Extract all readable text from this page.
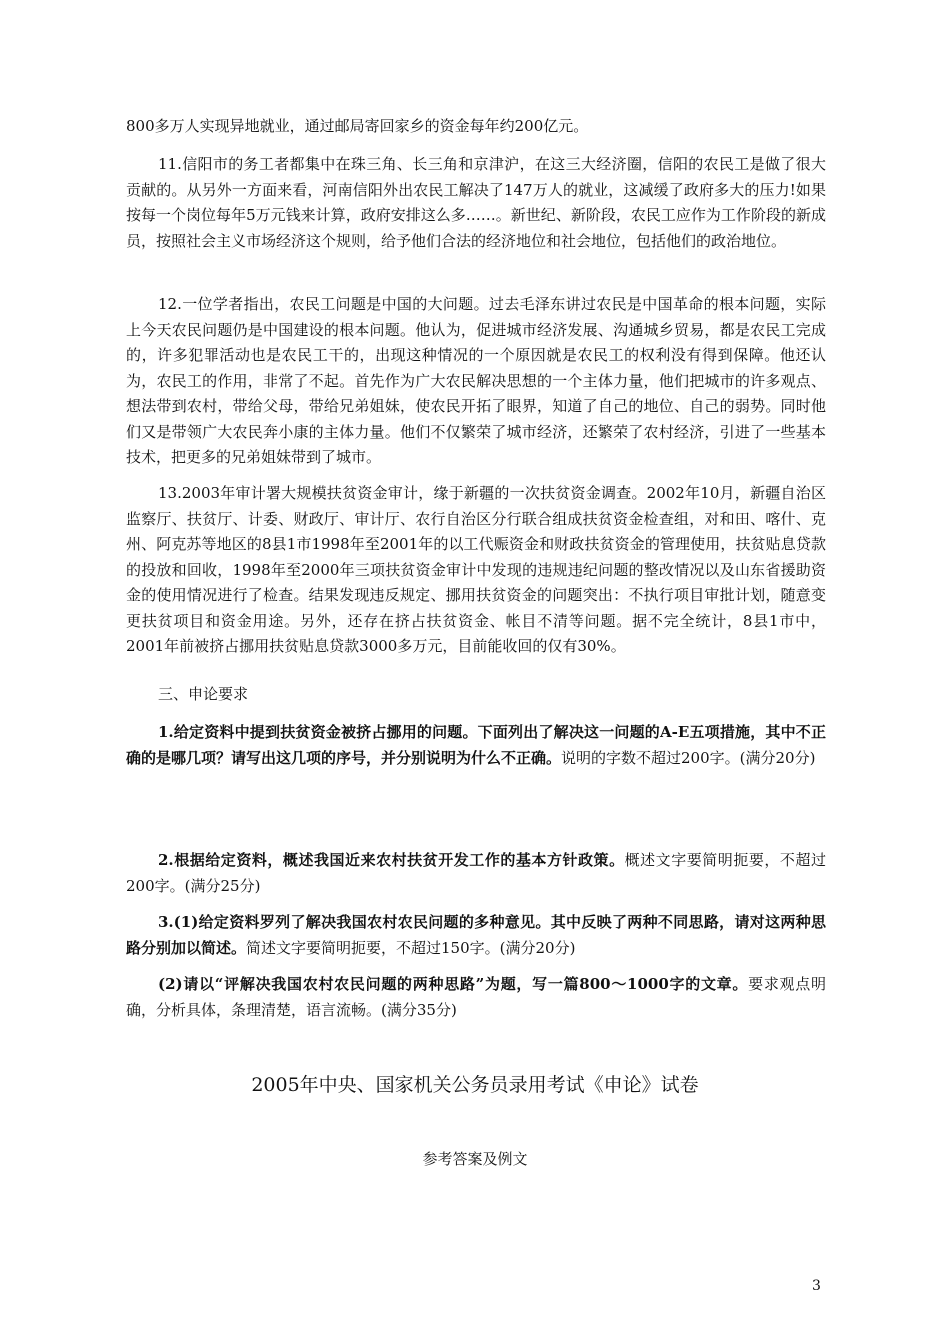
800多万人实现异地就业，通过邮局寄回家乡的资金每年约200亿元。

11.信阳市的务工者都集中在珠三角、长三角和京津沪，在这三大经济圈，信阳的农民工是做了很大贡献的。从另外一方面来看，河南信阳外出农民工解决了147万人的就业，这减缓了政府多大的压力!如果按每一个岗位每年5万元钱来计算，政府安排这么多……。新世纪、新阶段，农民工应作为工作阶段的新成员，按照社会主义市场经济这个规则，给予他们合法的经济地位和社会地位，包括他们的政治地位。

12.一位学者指出，农民工问题是中国的大问题。过去毛泽东讲过农民是中国革命的根本问题，实际上今天农民问题仍是中国建设的根本问题。他认为，促进城市经济发展、沟通城乡贸易，都是农民工完成的，许多犯罪活动也是农民工干的，出现这种情况的一个原因就是农民工的权利没有得到保障。他还认为，农民工的作用，非常了不起。首先作为广大农民解决思想的一个主体力量，他们把城市的许多观点、想法带到农村，带给父母，带给兄弟姐妹，使农民开拓了眼界，知道了自己的地位、自己的弱势。同时他们又是带领广大农民奔小康的主体力量。他们不仅繁荣了城市经济，还繁荣了农村经济，引进了一些基本技术，把更多的兄弟姐妹带到了城市。

13.2003年审计署大规模扶贫资金审计，缘于新疆的一次扶贫资金调查。2002年10月，新疆自治区监察厅、扶贫厅、计委、财政厅、审计厅、农行自治区分行联合组成扶贫资金检查组，对和田、喀什、克州、阿克苏等地区的8县1市1998年至2001年的以工代赈资金和财政扶贫资金的管理使用，扶贫贴息贷款的投放和回收，1998年至2000年三项扶贫资金审计中发现的违规违纪问题的整改情况以及山东省援助资金的使用情况进行了检查。结果发现违反规定、挪用扶贫资金的问题突出：不执行项目审批计划，随意变更扶贫项目和资金用途。另外，还存在挤占扶贫资金、帐目不清等问题。据不完全统计，8县1市中，2001年前被挤占挪用扶贫贴息贷款3000多万元，目前能收回的仅有30%。

三、申论要求

1.给定资料中提到扶贫资金被挤占挪用的问题。下面列出了解决这一问题的A-E五项措施，其中不正确的是哪几项？请写出这几项的序号，并分别说明为什么不正确。说明的字数不超过200字。(满分20分)

2.根据给定资料，概述我国近来农村扶贫开发工作的基本方针政策。概述文字要简明扼要，不超过200字。(满分25分)

3.(1)给定资料罗列了解决我国农村农民问题的多种意见。其中反映了两种不同思路，请对这两种思路分别加以简述。简述文字要简明扼要，不超过150字。(满分20分)

(2)请以“评解决我国农村农民问题的两种思路”为题，写一篇800～1000字的文章。要求观点明确，分析具体，条理清楚，语言流畅。(满分35分)

2005年中央、国家机关公务员录用考试《申论》试卷
参考答案及例文
3
